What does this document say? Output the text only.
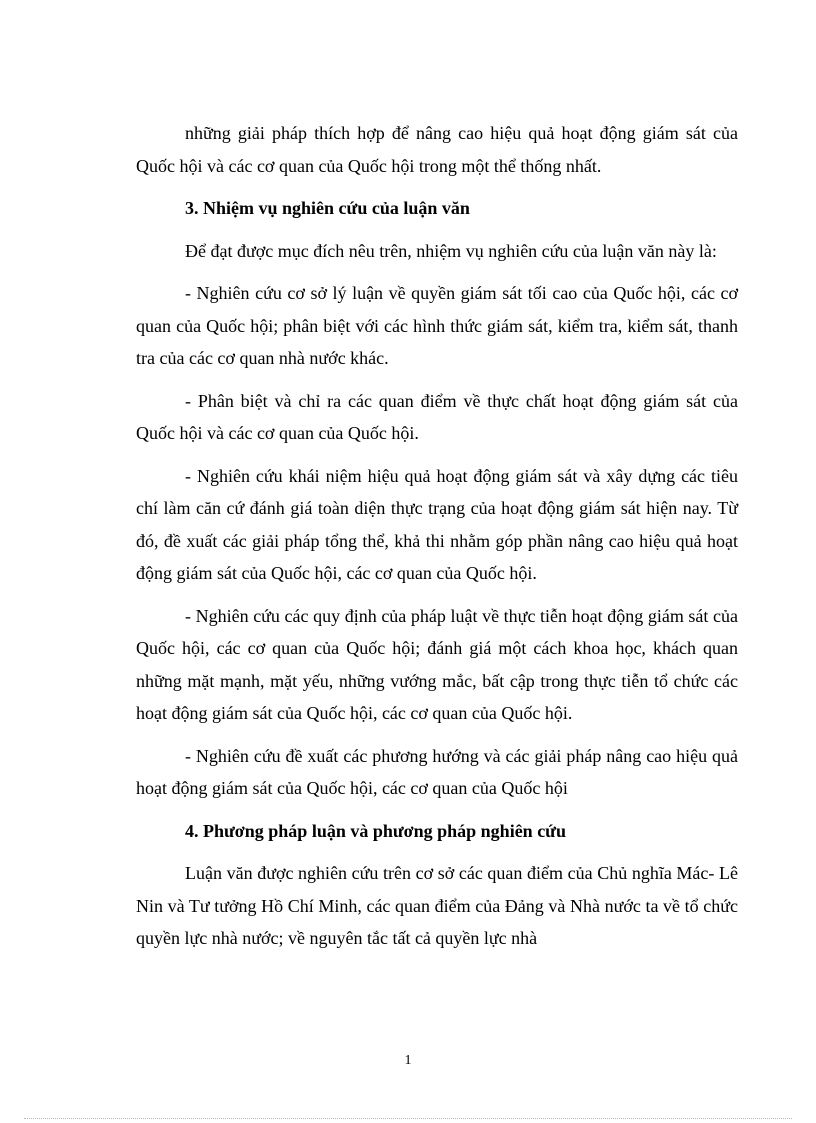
những giải pháp thích hợp để nâng cao hiệu quả hoạt động giám sát của Quốc hội và các cơ quan của Quốc hội trong một thể thống nhất.

3. Nhiệm vụ nghiên cứu của luận văn

Để đạt được mục đích nêu trên, nhiệm vụ nghiên cứu của luận văn này là:

- Nghiên cứu cơ sở lý luận về quyền giám sát tối cao của Quốc hội, các cơ quan của Quốc hội; phân biệt với các hình thức giám sát, kiểm tra, kiểm sát, thanh tra của các cơ quan nhà nước khác.

- Phân biệt và chỉ ra các quan điểm về thực chất hoạt động giám sát của Quốc hội và các cơ quan của Quốc hội.

- Nghiên cứu khái niệm hiệu quả hoạt động giám sát và xây dựng các tiêu chí làm căn cứ đánh giá toàn diện thực trạng của hoạt động giám sát hiện nay. Từ đó, đề xuất các giải pháp tổng thể, khả thi nhằm góp phần nâng cao hiệu quả hoạt động giám sát của Quốc hội, các cơ quan của Quốc hội.

- Nghiên cứu các quy định của pháp luật về thực tiễn hoạt động giám sát của Quốc hội, các cơ quan của Quốc hội; đánh giá một cách khoa học, khách quan những mặt mạnh, mặt yếu, những vướng mắc, bất cập trong thực tiễn tổ chức các hoạt động giám sát của Quốc hội, các cơ quan của Quốc hội.

- Nghiên cứu đề xuất các phương hướng và các giải pháp nâng cao hiệu quả hoạt động giám sát của Quốc hội, các cơ quan của Quốc hội

4. Phương pháp luận và phương pháp nghiên cứu

Luận văn được nghiên cứu trên cơ sở các quan điểm của Chủ nghĩa Mác- Lê Nin và Tư tưởng Hồ Chí Minh, các quan điểm của Đảng và Nhà nước ta về tổ chức quyền lực nhà nước; về nguyên tắc tất cả quyền lực nhà

1
